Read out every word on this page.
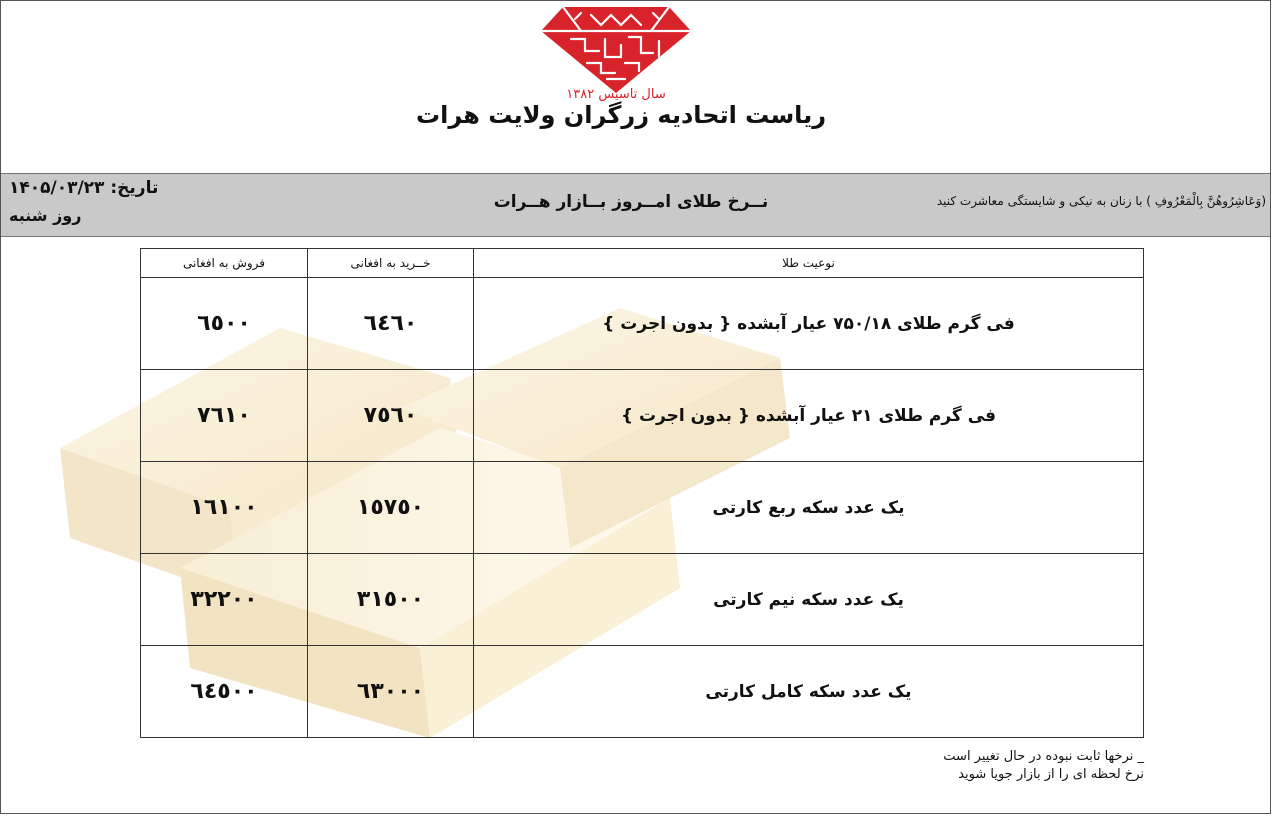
سال تاسیس ۱۳۸۲
ریاست اتحادیه زرگران ولایت هرات
تاریخ: ۱۴۰۵/۰۳/۲۳
روز شنبه
نــرخ طلای امــروز بــازار هــرات	(وَعَاشِرُوهُنَّ بِالْمَعْرُوفِ ) با زنان به نیکی و شایستگی معاشرت کنید
نوعیت طلا	خــرید به افغانی	فروش به افغانی
فی گرم طلای ۷۵۰/۱۸ عیار آبشده { بدون اجرت }	٦٤٦٠	٦٥٠٠
فی گرم طلای ۲۱ عیار آبشده { بدون اجرت }	٧٥٦٠	٧٦١٠
یک عدد سکه ربع کارتی	١٥٧٥٠	١٦١٠٠
یک عدد سکه نیم کارتی	٣١٥٠٠	٣٢٢٠٠
یک عدد سکه کامل کارتی	٦٣٠٠٠	٦٤٥٠٠
_ نرخها ثابت نبوده در حال تغییر است
نرخ لحظه ای را از بازار جویا شوید
